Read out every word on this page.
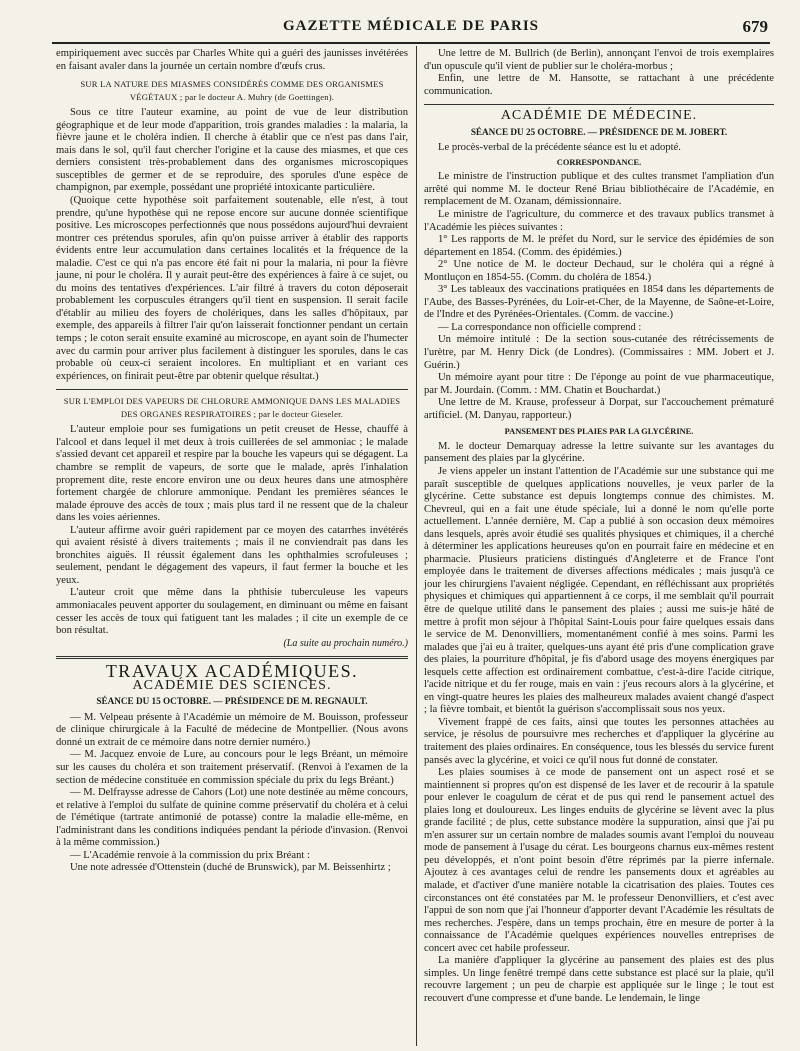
GAZETTE MÉDICALE DE PARIS	679

empiriquement avec succès par Charles White qui a guéri des jaunisses invétérées en faisant avaler dans la journée un certain nombre d'œufs crus.

SUR LA NATURE DES MIASMES CONSIDÉRÉS COMME DES ORGANISMES VÉGÉTAUX ; par le docteur A. Muhry (de Goettingen).

Sous ce titre l'auteur examine, au point de vue de leur distribution géographique et de leur mode d'apparition, trois grandes maladies : la malaria, la fièvre jaune et le choléra indien. Il cherche à établir que ce n'est pas dans l'air, mais dans le sol, qu'il faut chercher l'origine et la cause des miasmes, et que ces derniers consistent très-probablement dans des organismes microscopiques susceptibles de germer et de se reproduire, des sporules d'une espèce de champignon, par exemple, possédant une propriété intoxicante particulière.

(Quoique cette hypothèse soit parfaitement soutenable, elle n'est, à tout prendre, qu'une hypothèse qui ne repose encore sur aucune donnée scientifique positive. Les microscopes perfectionnés que nous possédons aujourd'hui devraient montrer ces prétendus sporules, afin qu'on puisse arriver à établir des rapports évidents entre leur accumulation dans certaines localités et la fréquence de la maladie. C'est ce qui n'a pas encore été fait ni pour la malaria, ni pour la fièvre jaune, ni pour le choléra. Il y aurait peut-être des expériences à faire à ce sujet, ou du moins des tentatives d'expériences. L'air filtré à travers du coton déposerait probablement les corpuscules étrangers qu'il tient en suspension. Il serait facile d'établir au milieu des foyers de cholériques, dans les salles d'hôpitaux, par exemple, des appareils à filtrer l'air qu'on laisserait fonctionner pendant un certain temps ; le coton serait ensuite examiné au microscope, en ayant soin de l'humecter avec du carmin pour arriver plus facilement à distinguer les sporules, dans le cas probable où ceux-ci seraient incolores. En multipliant et en variant ces expériences, on finirait peut-être par obtenir quelque résultat.)

SUR L'EMPLOI DES VAPEURS DE CHLORURE AMMONIQUE DANS LES MALADIES DES ORGANES RESPIRATOIRES ; par le docteur Gieseler.

L'auteur emploie pour ses fumigations un petit creuset de Hesse, chauffé à l'alcool et dans lequel il met deux à trois cuillerées de sel ammoniac ; le malade s'assied devant cet appareil et respire par la bouche les vapeurs qui se dégagent. La chambre se remplit de vapeurs, de sorte que le malade, après l'inhalation proprement dite, reste encore environ une ou deux heures dans une atmosphère fortement chargée de chlorure ammonique. Pendant les premières séances le malade éprouve des accès de toux ; mais plus tard il ne ressent que de la chaleur dans les voies aériennes.

L'auteur affirme avoir guéri rapidement par ce moyen des catarrhes invétérés qui avaient résisté à divers traitements ; mais il ne conviendrait pas dans les bronchites aiguës. Il réussit également dans les ophthalmies scrofuleuses ; seulement, pendant le dégagement des vapeurs, il faut fermer la bouche et les yeux.

L'auteur croit que même dans la phthisie tuberculeuse les vapeurs ammoniacales peuvent apporter du soulagement, en diminuant ou même en faisant cesser les accès de toux qui fatiguent tant les malades ; il cite un exemple de ce bon résultat.

(La suite au prochain numéro.)

TRAVAUX ACADÉMIQUES.

ACADÉMIE DES SCIENCES.

SÉANCE DU 15 OCTOBRE. — PRÉSIDENCE DE M. REGNAULT.

— M. Velpeau présente à l'Académie un mémoire de M. Bouisson, professeur de clinique chirurgicale à la Faculté de médecine de Montpellier. (Nous avons donné un extrait de ce mémoire dans notre dernier numéro.)

— M. Jacquez envoie de Lure, au concours pour le legs Bréant, un mémoire sur les causes du choléra et son traitement préservatif. (Renvoi à l'examen de la section de médecine constituée en commission spéciale du prix du legs Bréant.)

— M. Delfraysse adresse de Cahors (Lot) une note destinée au même concours, et relative à l'emploi du sulfate de quinine comme préservatif du choléra et à celui de l'émétique (tartrate antimonié de potasse) contre la maladie elle-même, en l'administrant dans les conditions indiquées pendant la période d'invasion. (Renvoi à la même commission.)

— L'Académie renvoie à la commission du prix Bréant :

Une note adressée d'Ottenstein (duché de Brunswick), par M. Beissenhirtz ;

Une lettre de M. Bullrich (de Berlin), annonçant l'envoi de trois exemplaires d'un opuscule qu'il vient de publier sur le choléra-morbus ;

Enfin, une lettre de M. Hansotte, se rattachant à une précédente communication.

ACADÉMIE DE MÉDECINE.

SÉANCE DU 25 OCTOBRE. — PRÉSIDENCE DE M. JOBERT.

Le procès-verbal de la précédente séance est lu et adopté.

CORRESPONDANCE.

Le ministre de l'instruction publique et des cultes transmet l'ampliation d'un arrêté qui nomme M. le docteur René Briau bibliothécaire de l'Académie, en remplacement de M. Ozanam, démissionnaire.

Le ministre de l'agriculture, du commerce et des travaux publics transmet à l'Académie les pièces suivantes :

1° Les rapports de M. le préfet du Nord, sur le service des épidémies de son département en 1854. (Comm. des épidémies.)

2° Une notice de M. le docteur Dechaud, sur le choléra qui a régné à Montluçon en 1854-55. (Comm. du choléra de 1854.)

3° Les tableaux des vaccinations pratiquées en 1854 dans les départements de l'Aube, des Basses-Pyrénées, du Loir-et-Cher, de la Mayenne, de Saône-et-Loire, de l'Indre et des Pyrénées-Orientales. (Comm. de vaccine.)

— La correspondance non officielle comprend :

Un mémoire intitulé : De la section sous-cutanée des rétrécissements de l'urètre, par M. Henry Dick (de Londres). (Commissaires : MM. Jobert et J. Guérin.)

Un mémoire ayant pour titre : De l'éponge au point de vue pharmaceutique, par M. Jourdain. (Comm. : MM. Chatin et Bouchardat.)

Une lettre de M. Krause, professeur à Dorpat, sur l'accouchement prématuré artificiel. (M. Danyau, rapporteur.)

PANSEMENT DES PLAIES PAR LA GLYCÉRINE.

M. le docteur Demarquay adresse la lettre suivante sur les avantages du pansement des plaies par la glycérine.

Je viens appeler un instant l'attention de l'Académie sur une substance qui me paraît susceptible de quelques applications nouvelles, je veux parler de la glycérine. Cette substance est depuis longtemps connue des chimistes. M. Chevreul, qui en a fait une étude spéciale, lui a donné le nom qu'elle porte actuellement. L'année dernière, M. Cap a publié à son occasion deux mémoires dans lesquels, après avoir étudié ses qualités physiques et chimiques, il a cherché à déterminer les applications heureuses qu'on en pourrait faire en médecine et en pharmacie. Plusieurs praticiens distingués d'Angleterre et de France l'ont employée dans le traitement de diverses affections médicales ; mais jusqu'à ce jour les chirurgiens l'avaient négligée. Cependant, en réfléchissant aux propriétés physiques et chimiques qui appartiennent à ce corps, il me semblait qu'il pourrait être de quelque utilité dans le pansement des plaies ; aussi me suis-je hâté de mettre à profit mon séjour à l'hôpital Saint-Louis pour faire quelques essais dans le service de M. Denonvilliers, momentanément confié à mes soins. Parmi les malades que j'ai eu à traiter, quelques-uns ayant été pris d'une complication grave des plaies, la pourriture d'hôpital, je fis d'abord usage des moyens énergiques par lesquels cette affection est ordinairement combattue, c'est-à-dire l'acide citrique, l'acide nitrique et du fer rouge, mais en vain : j'eus recours alors à la glycérine, et en vingt-quatre heures les plaies des malheureux malades avaient changé d'aspect ; la fièvre tombait, et bientôt la guérison s'accomplissait sous nos yeux.

Vivement frappé de ces faits, ainsi que toutes les personnes attachées au service, je résolus de poursuivre mes recherches et d'appliquer la glycérine au traitement des plaies ordinaires. En conséquence, tous les blessés du service furent pansés avec la glycérine, et voici ce qu'il nous fut donné de constater.

Les plaies soumises à ce mode de pansement ont un aspect rosé et se maintiennent si propres qu'on est dispensé de les laver et de recourir à la spatule pour enlever le coagulum de cérat et de pus qui rend le pansement actuel des plaies long et douloureux. Les linges enduits de glycérine se lèvent avec la plus grande facilité ; de plus, cette substance modère la suppuration, ainsi que j'ai pu m'en assurer sur un certain nombre de malades soumis avant l'emploi du nouveau mode de pansement à l'usage du cérat. Les bourgeons charnus eux-mêmes restent peu développés, et n'ont point besoin d'être réprimés par la pierre infernale. Ajoutez à ces avantages celui de rendre les pansements doux et agréables au malade, et d'activer d'une manière notable la cicatrisation des plaies. Toutes ces circonstances ont été constatées par M. le professeur Denonvilliers, et c'est avec l'appui de son nom que j'ai l'honneur d'apporter devant l'Académie les résultats de mes recherches. J'espère, dans un temps prochain, être en mesure de porter à la connaissance de l'Académie quelques expériences nouvelles entreprises de concert avec cet habile professeur.

La manière d'appliquer la glycérine au pansement des plaies est des plus simples. Un linge fenêtré trempé dans cette substance est placé sur la plaie, qu'il recouvre largement ; un peu de charpie est appliquée sur le linge ; le tout est recouvert d'une compresse et d'une bande. Le lendemain, le linge
